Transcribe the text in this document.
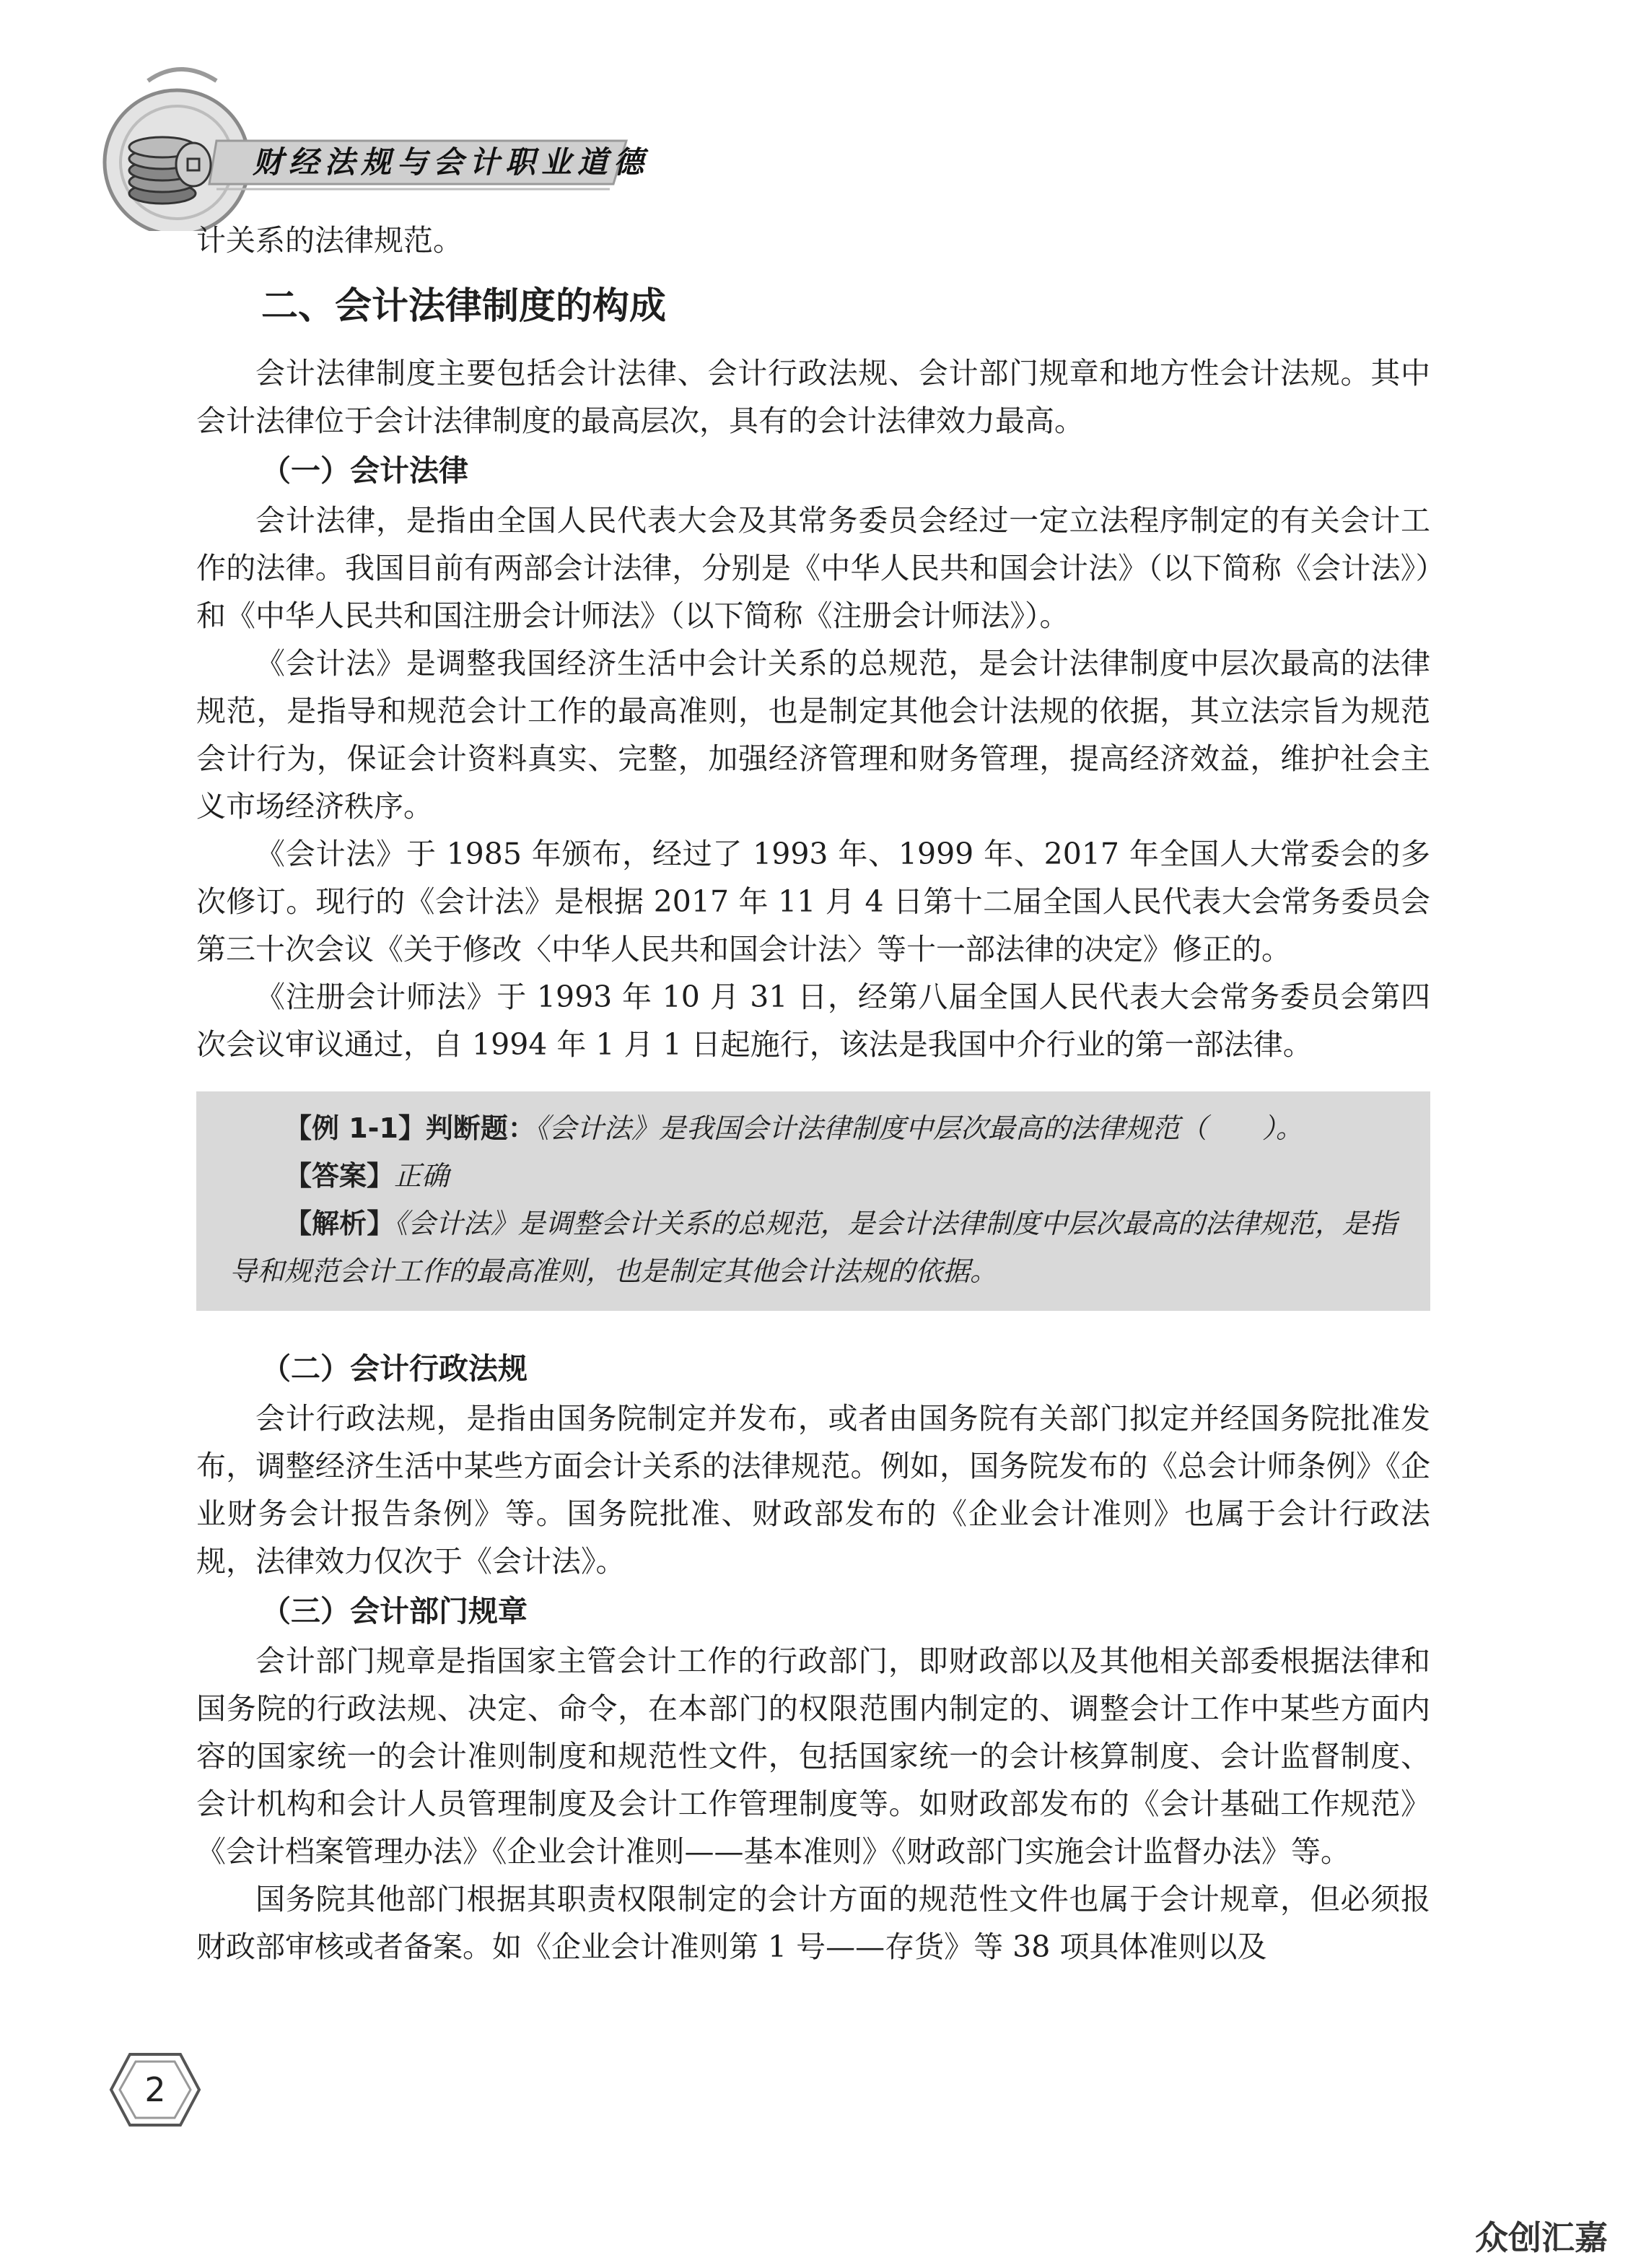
财经法规与会计职业道德

计关系的法律规范。

二、会计法律制度的构成

会计法律制度主要包括会计法律、会计行政法规、会计部门规章和地方性会计法规。其中会计法律位于会计法律制度的最高层次，具有的会计法律效力最高。

（一）会计法律

会计法律，是指由全国人民代表大会及其常务委员会经过一定立法程序制定的有关会计工作的法律。我国目前有两部会计法律，分别是《中华人民共和国会计法》（以下简称《会计法》）和《中华人民共和国注册会计师法》（以下简称《注册会计师法》）。

《会计法》是调整我国经济生活中会计关系的总规范，是会计法律制度中层次最高的法律规范，是指导和规范会计工作的最高准则，也是制定其他会计法规的依据，其立法宗旨为规范会计行为，保证会计资料真实、完整，加强经济管理和财务管理，提高经济效益，维护社会主义市场经济秩序。

《会计法》于 1985 年颁布，经过了 1993 年、1999 年、2017 年全国人大常委会的多次修订。现行的《会计法》是根据 2017 年 11 月 4 日第十二届全国人民代表大会常务委员会第三十次会议《关于修改〈中华人民共和国会计法〉等十一部法律的决定》修正的。

《注册会计师法》于 1993 年 10 月 31 日，经第八届全国人民代表大会常务委员会第四次会议审议通过，自 1994 年 1 月 1 日起施行，该法是我国中介行业的第一部法律。

【例 1-1】判断题：《会计法》是我国会计法律制度中层次最高的法律规范（　　）。

【答案】正确

【解析】《会计法》是调整会计关系的总规范，是会计法律制度中层次最高的法律规范，是指导和规范会计工作的最高准则，也是制定其他会计法规的依据。

（二）会计行政法规

会计行政法规，是指由国务院制定并发布，或者由国务院有关部门拟定并经国务院批准发布，调整经济生活中某些方面会计关系的法律规范。例如，国务院发布的《总会计师条例》《企业财务会计报告条例》等。国务院批准、财政部发布的《企业会计准则》也属于会计行政法规，法律效力仅次于《会计法》。

（三）会计部门规章

会计部门规章是指国家主管会计工作的行政部门，即财政部以及其他相关部委根据法律和国务院的行政法规、决定、命令，在本部门的权限范围内制定的、调整会计工作中某些方面内容的国家统一的会计准则制度和规范性文件，包括国家统一的会计核算制度、会计监督制度、会计机构和会计人员管理制度及会计工作管理制度等。如财政部发布的《会计基础工作规范》《会计档案管理办法》《企业会计准则——基本准则》《财政部门实施会计监督办法》等。

国务院其他部门根据其职责权限制定的会计方面的规范性文件也属于会计规章，但必须报财政部审核或者备案。如《企业会计准则第 1 号——存货》等 38 项具体准则以及

2
众创汇嘉
